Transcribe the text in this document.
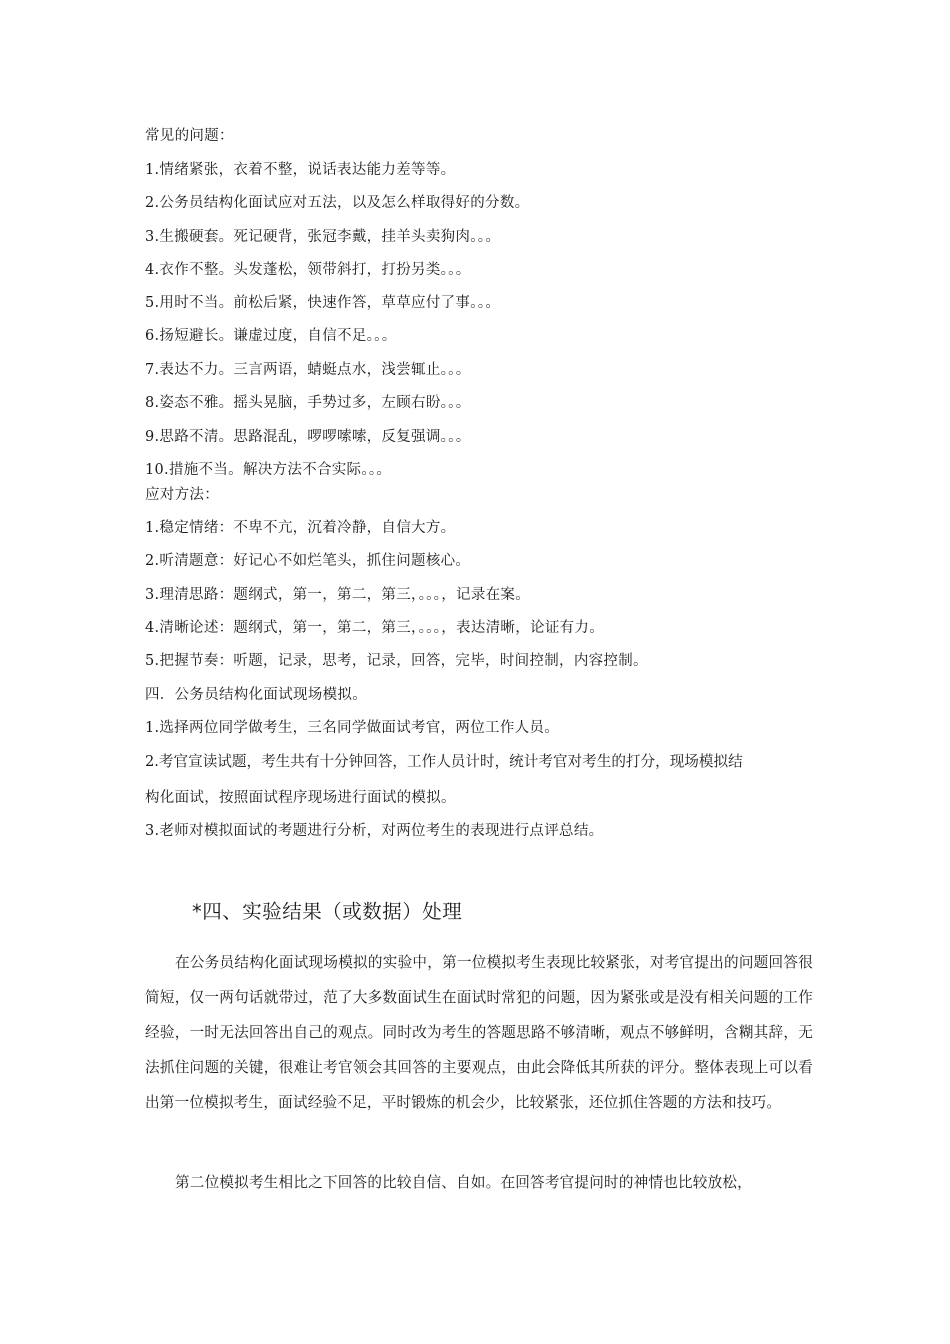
常见的问题：
1.情绪紧张，衣着不整，说话表达能力差等等。
2.公务员结构化面试应对五法，以及怎么样取得好的分数。
3.生搬硬套。死记硬背，张冠李戴，挂羊头卖狗肉。。。
4.衣作不整。头发蓬松，领带斜打，打扮另类。。。
5.用时不当。前松后紧，快速作答，草草应付了事。。。
6.扬短避长。谦虚过度，自信不足。。。
7.表达不力。三言两语，蜻蜓点水，浅尝辄止。。。
8.姿态不雅。摇头晃脑，手势过多，左顾右盼。。。
9.思路不清。思路混乱，啰啰嗦嗦，反复强调。。。
10.措施不当。解决方法不合实际。。。
应对方法：
1.稳定情绪：不卑不亢，沉着冷静，自信大方。
2.听清题意：好记心不如烂笔头，抓住问题核心。
3.理清思路：题纲式，第一，第二，第三，。。。，记录在案。
4.清晰论述：题纲式，第一，第二，第三，。。。，表达清晰，论证有力。
5.把握节奏：听题，记录，思考，记录，回答，完毕，时间控制，内容控制。
四．公务员结构化面试现场模拟。
1.选择两位同学做考生，三名同学做面试考官，两位工作人员。
2.考官宣读试题，考生共有十分钟回答，工作人员计时，统计考官对考生的打分，现场模拟结
构化面试，按照面试程序现场进行面试的模拟。
3.老师对模拟面试的考题进行分析，对两位考生的表现进行点评总结。
*四、实验结果（或数据）处理
在公务员结构化面试现场模拟的实验中，第一位模拟考生表现比较紧张，对考官提出的问题回答很简短，仅一两句话就带过，范了大多数面试生在面试时常犯的问题，因为紧张或是没有相关问题的工作经验，一时无法回答出自己的观点。同时改为考生的答题思路不够清晰，观点不够鲜明，含糊其辞，无法抓住问题的关键，很难让考官领会其回答的主要观点，由此会降低其所获的评分。整体表现上可以看出第一位模拟考生，面试经验不足，平时锻炼的机会少，比较紧张，还位抓住答题的方法和技巧。
第二位模拟考生相比之下回答的比较自信、自如。在回答考官提问时的神情也比较放松，
